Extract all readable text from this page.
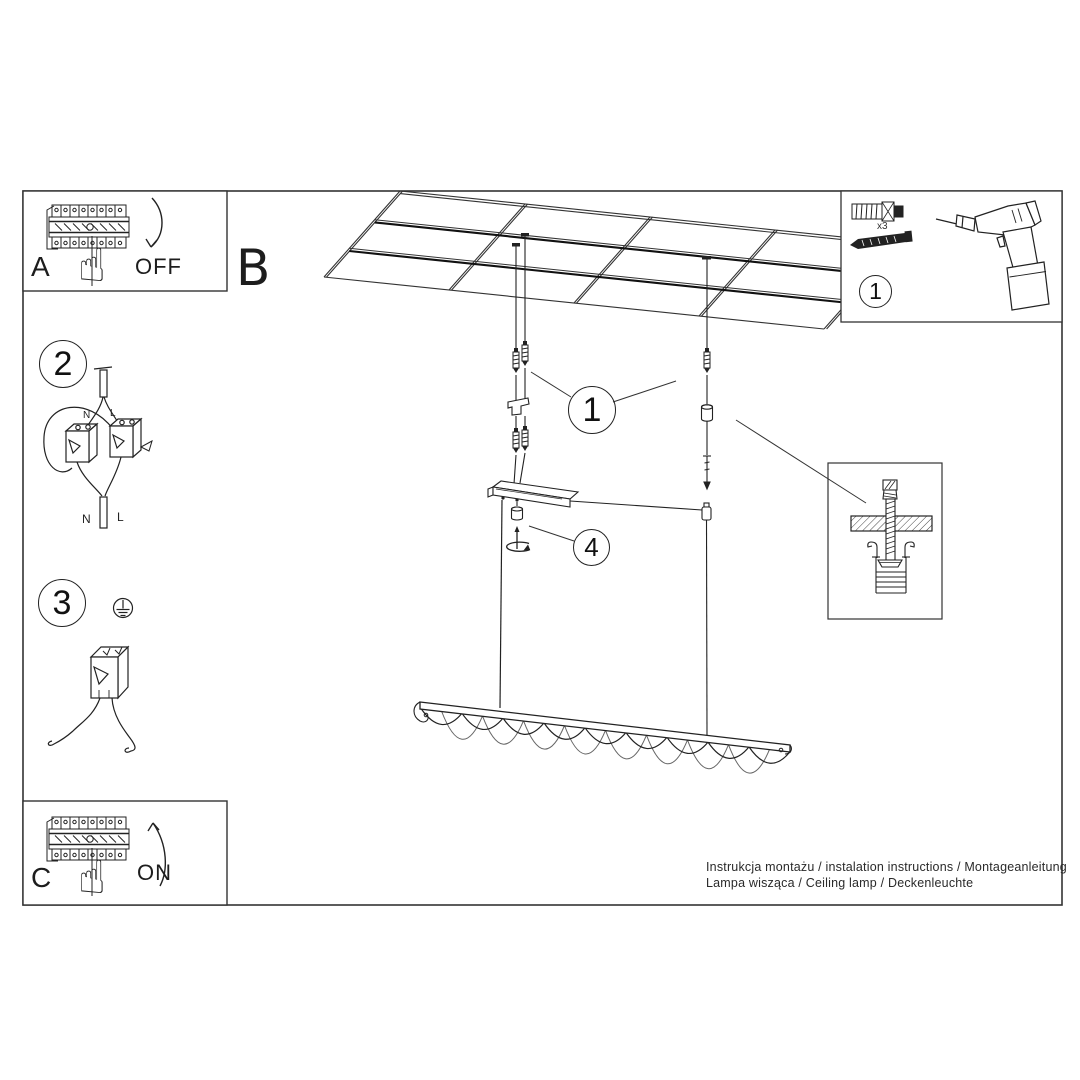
A	OFF B
C	ON
☝
☝
2
3
1
4
1
N L
N L
x3
Instrukcja montażu / instalation instructions / Montageanleitung
Lampa wisząca / Ceiling lamp / Deckenleuchte
